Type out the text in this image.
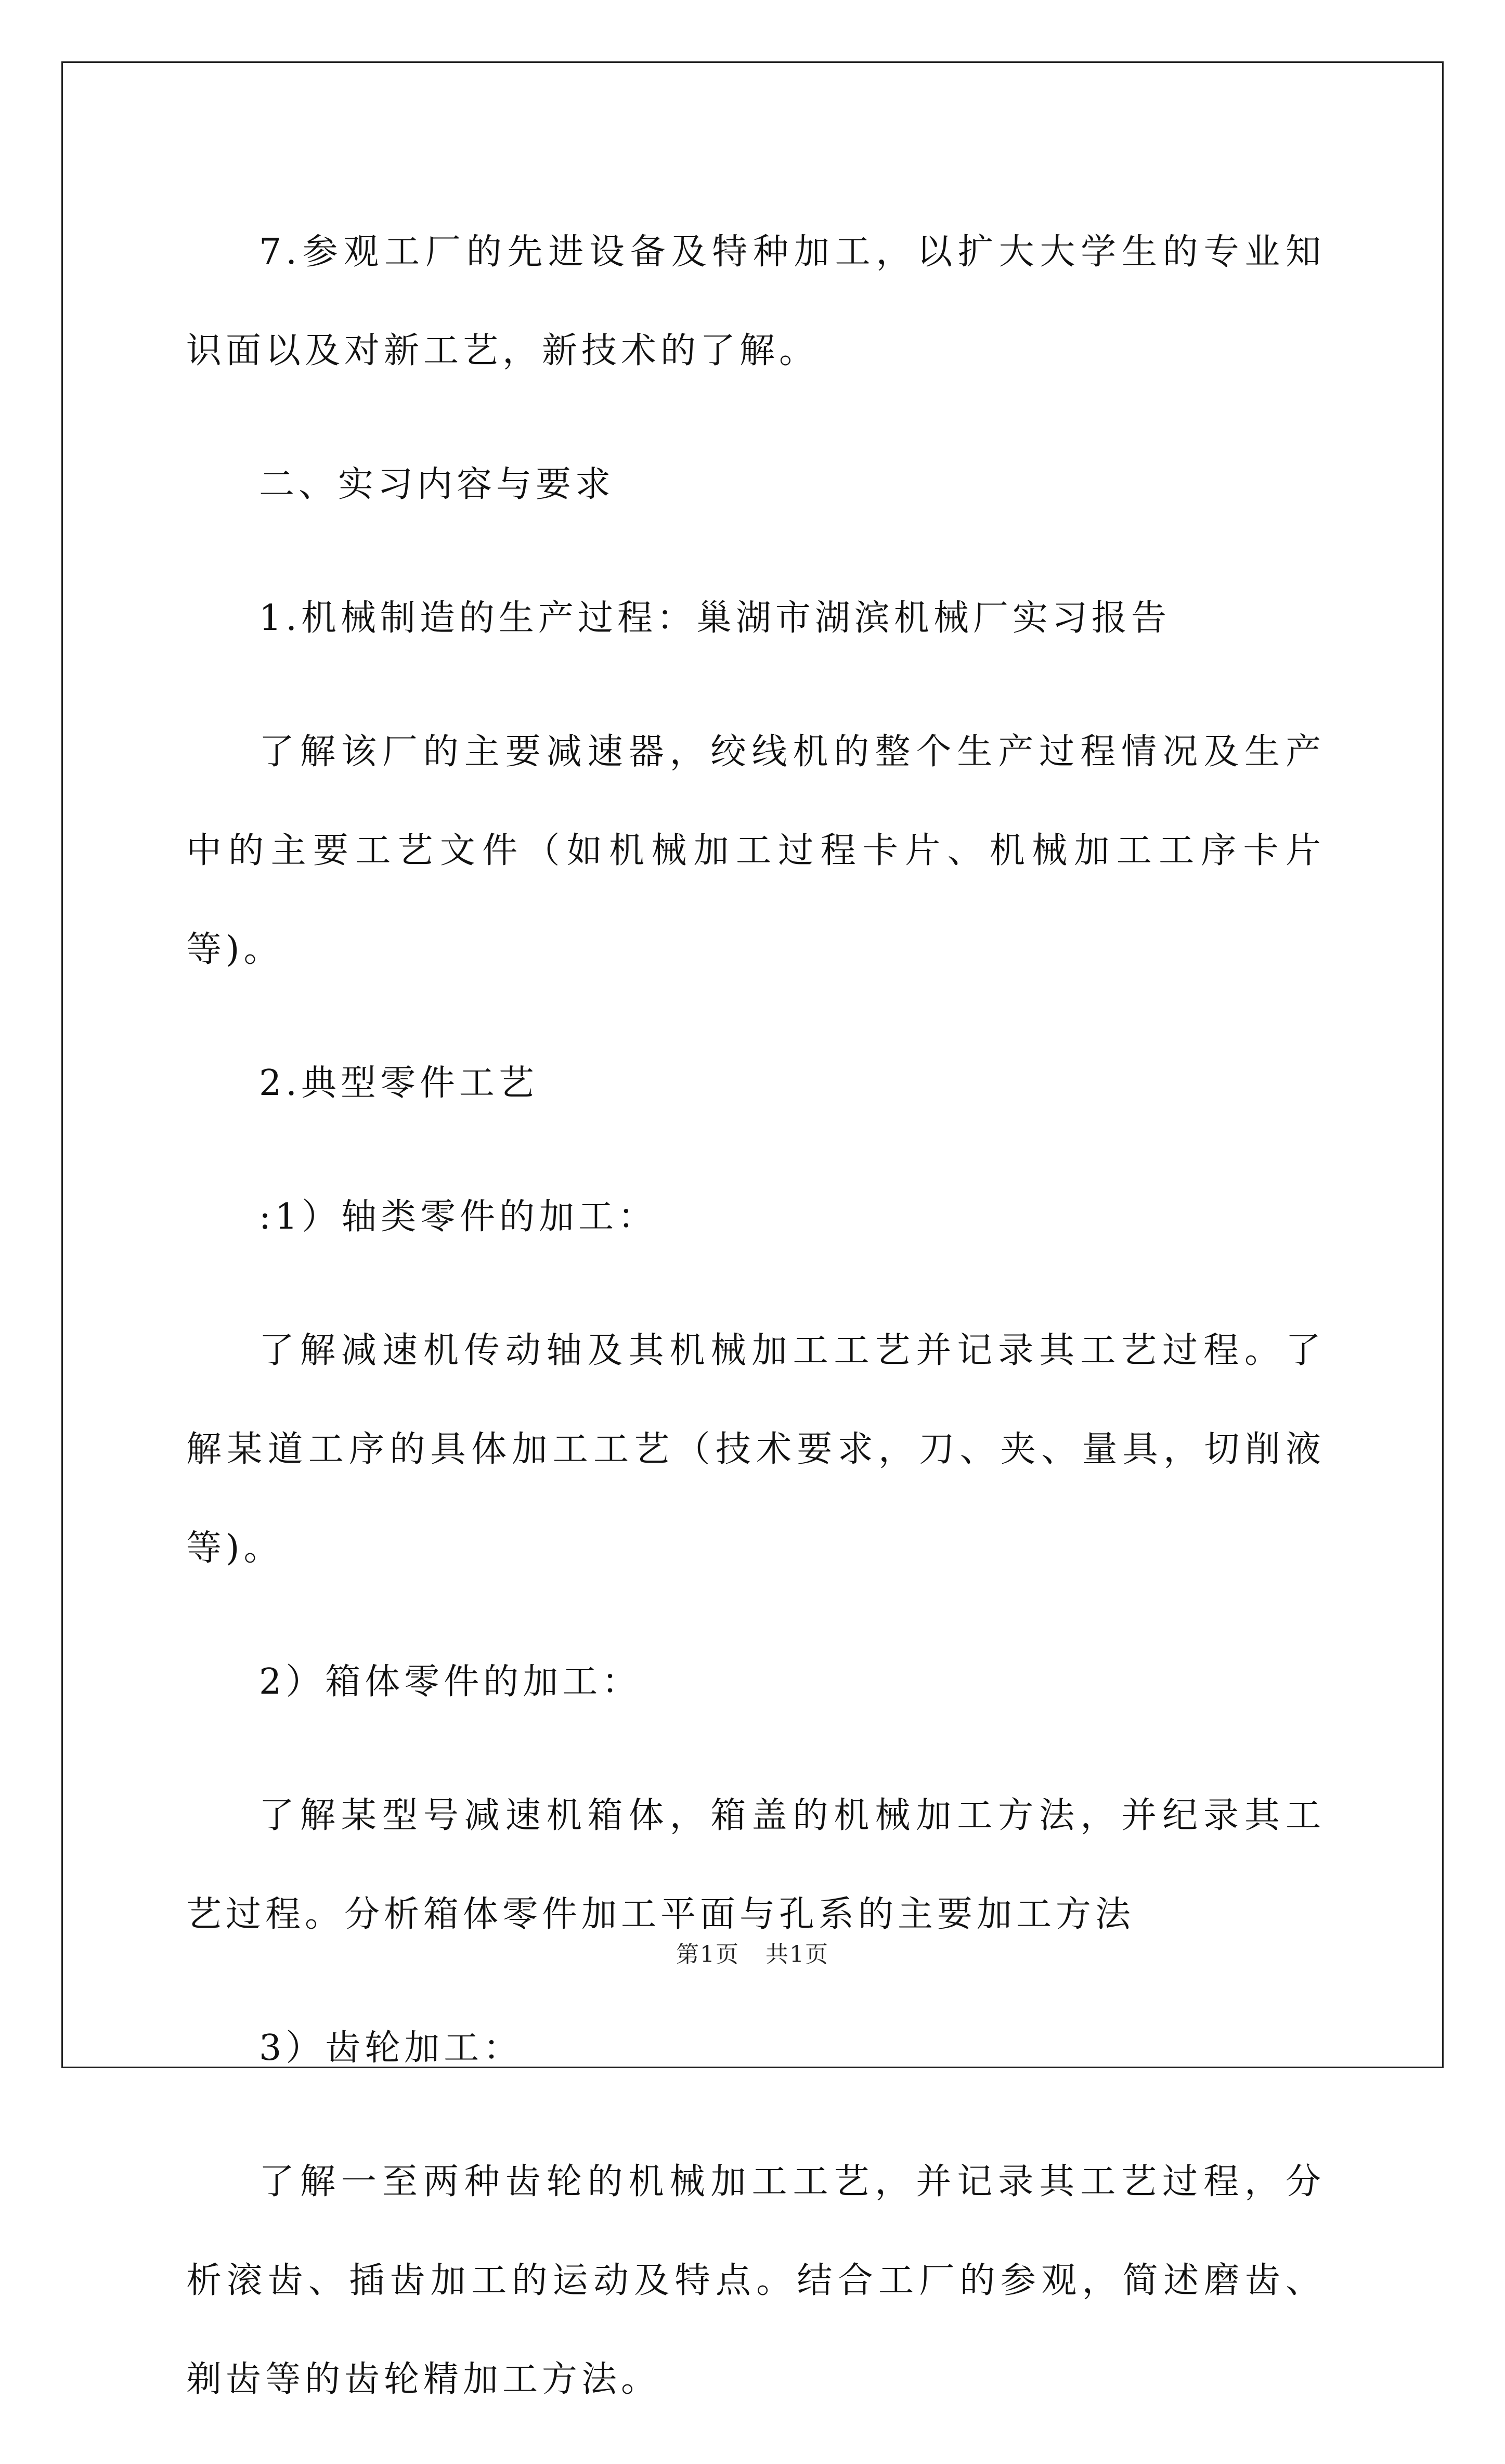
7.参观工厂的先进设备及特种加工，以扩大大学生的专业知识面以及对新工艺，新技术的了解。

二、实习内容与要求

1.机械制造的生产过程：巢湖市湖滨机械厂实习报告

了解该厂的主要减速器，绞线机的整个生产过程情况及生产中的主要工艺文件（如机械加工过程卡片、机械加工工序卡片等)。

2.典型零件工艺

:1）轴类零件的加工：

了解减速机传动轴及其机械加工工艺并记录其工艺过程。了解某道工序的具体加工工艺（技术要求，刀、夹、量具，切削液等)。

2）箱体零件的加工：

了解某型号减速机箱体，箱盖的机械加工方法，并纪录其工艺过程。分析箱体零件加工平面与孔系的主要加工方法

3）齿轮加工：

了解一至两种齿轮的机械加工工艺，并记录其工艺过程，分析滚齿、插齿加工的运动及特点。结合工厂的参观，简述磨齿、剃齿等的齿轮精加工方法。

第1页 共1页
